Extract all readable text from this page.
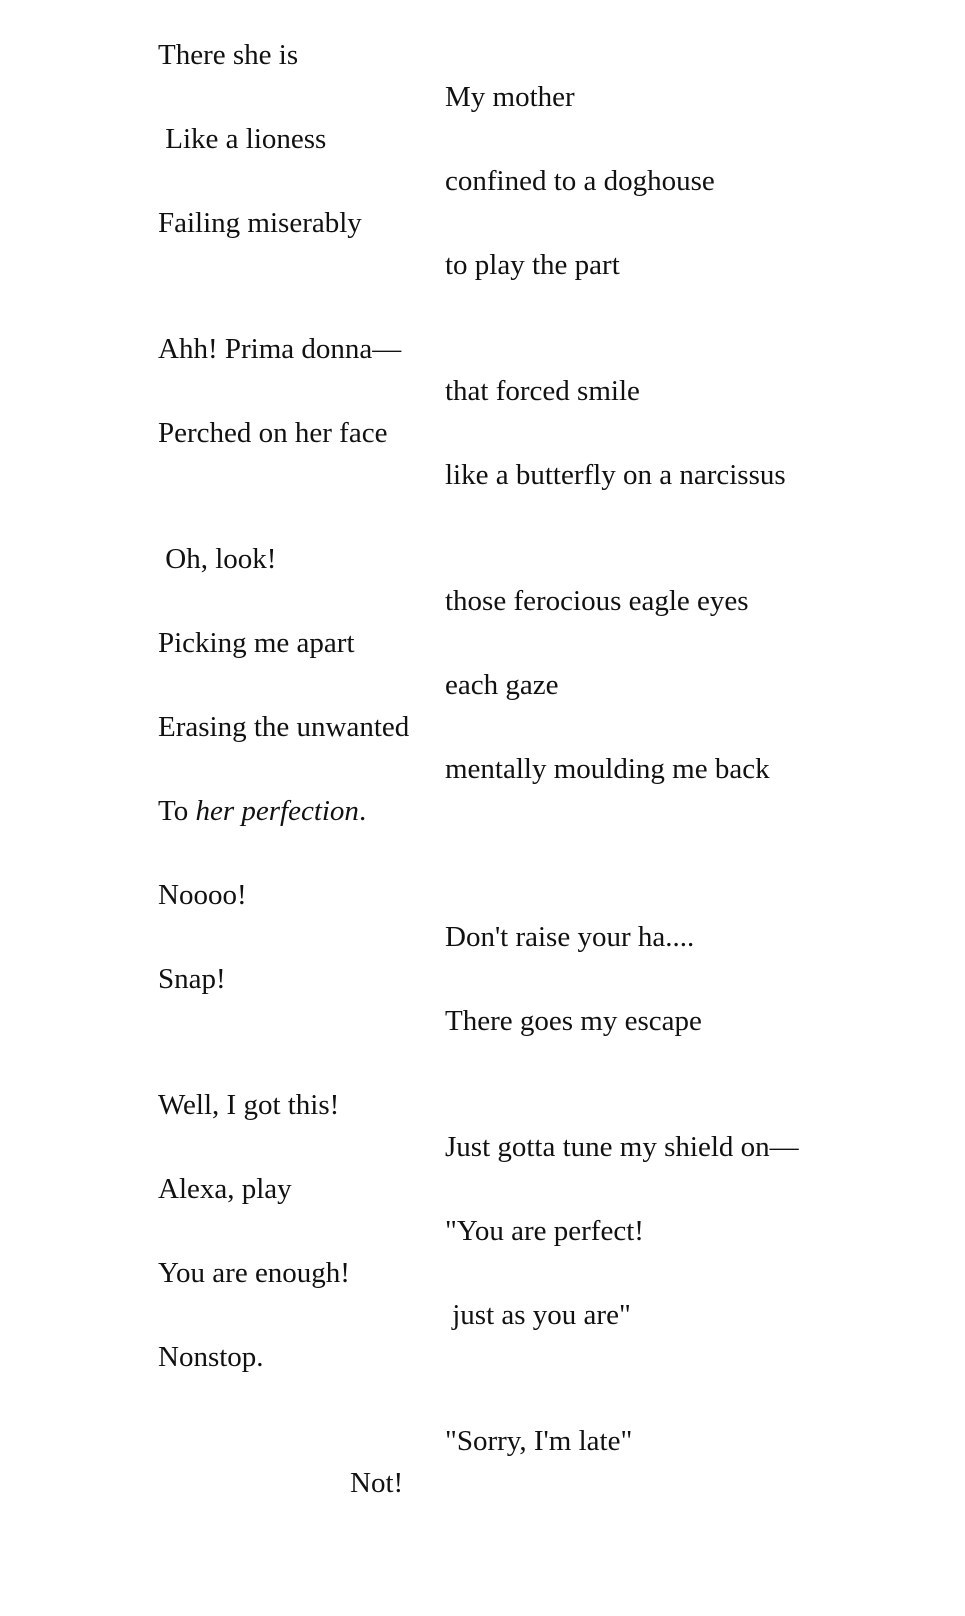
There she is

My mother

Like a lioness

confined to a doghouse

Failing miserably

to play the part

Ahh! Prima donna—

that forced smile

Perched on her face

like a butterfly on a narcissus

Oh, look!

those ferocious eagle eyes

Picking me apart

each gaze

Erasing the unwanted

mentally moulding me back

To her perfection.

Noooo!

Don't raise your ha....

Snap!

There goes my escape

Well, I got this!

Just gotta tune my shield on—

Alexa, play

"You are perfect!

You are enough!

just as you are"

Nonstop.

"Sorry, I'm late"

Not!
